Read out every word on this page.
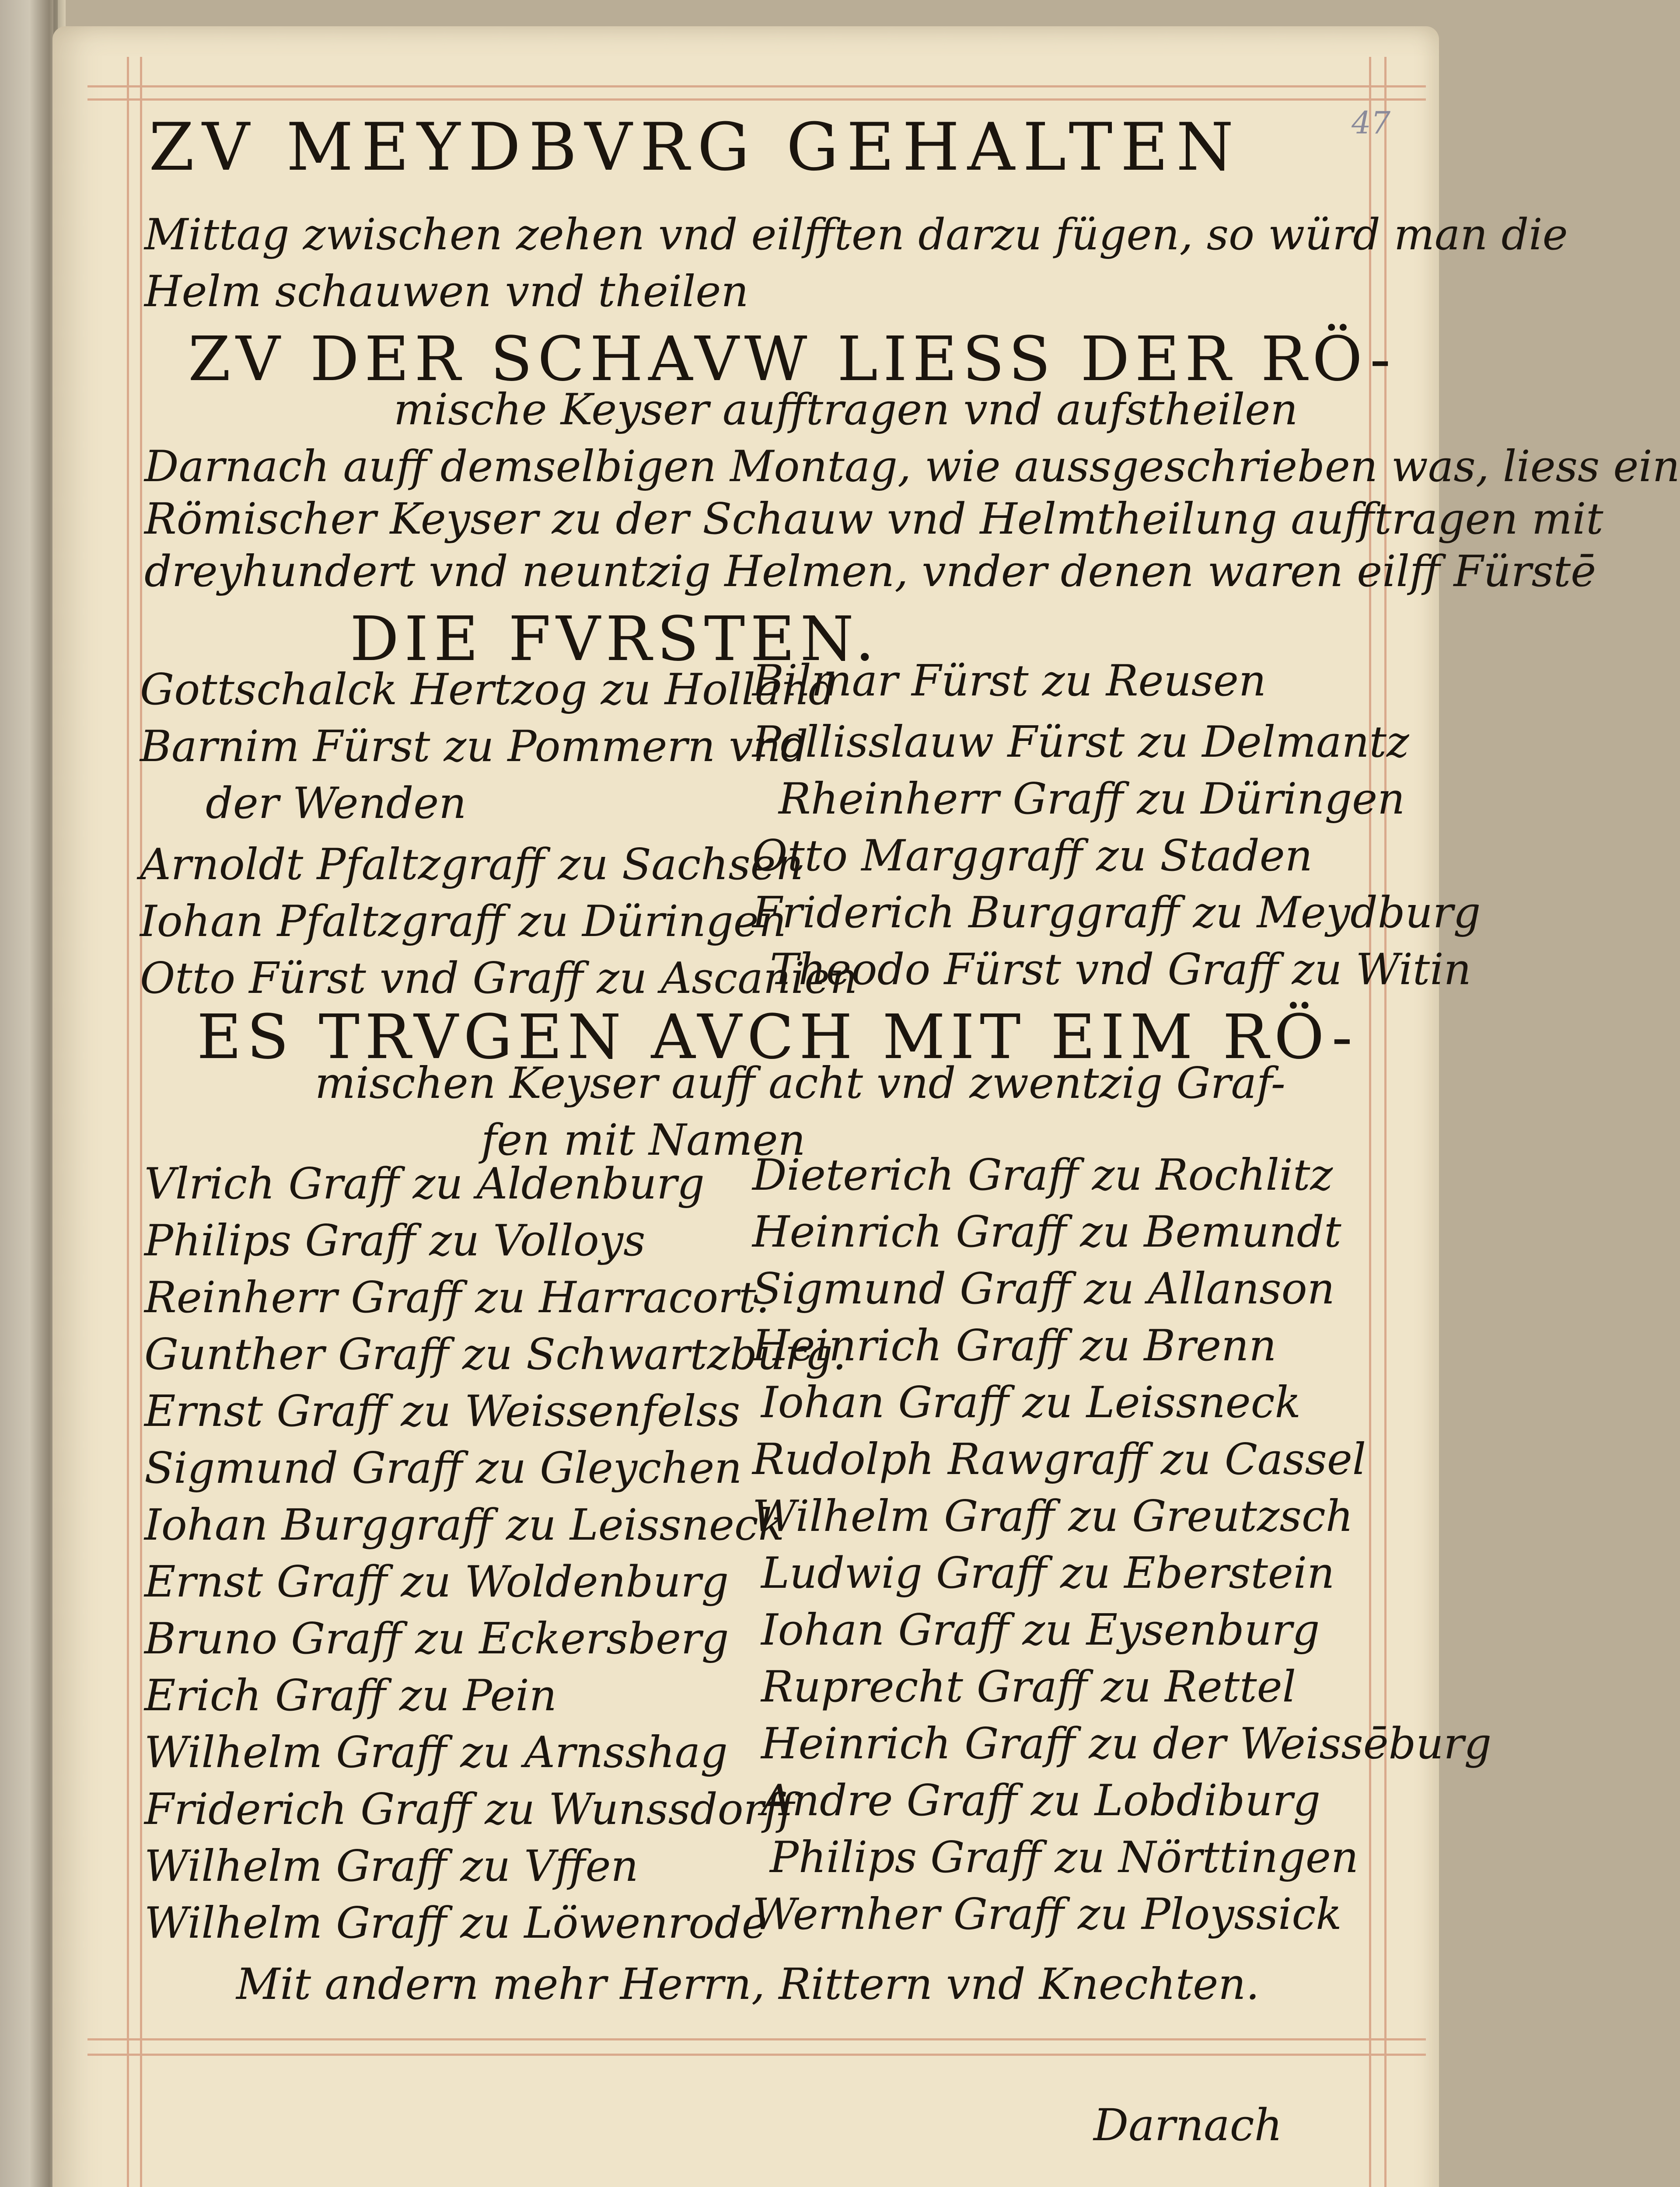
47
ZV MEYDBVRG GEHALTEN
Mittag zwischen zehen vnd eilfften darzu fügen, so würd man die
Helm schauwen vnd theilen
ZV DER SCHAVW LIESS DER RÖ-
mische Keyser aufftragen vnd aufstheilen
Darnach auff demselbigen Montag, wie aussgeschrieben was, liess ein
Römischer Keyser zu der Schauw vnd Helmtheilung aufftragen mit
dreyhundert vnd neuntzig Helmen, vnder denen waren eilff Fürstē
DIE FVRSTEN.
Gottschalck Hertzog zu Holland
Barnim Fürst zu Pommern vnd
der Wenden
Arnoldt Pfaltzgraff zu Sachsen
Iohan Pfaltzgraff zu Düringen
Otto Fürst vnd Graff zu Ascanien
Bilmar Fürst zu Reusen
Pollisslauw Fürst zu Delmantz
Rheinherr Graff zu Düringen
Otto Marggraff zu Staden
Friderich Burggraff zu Meydburg
Theodo Fürst vnd Graff zu Witin
ES TRVGEN AVCH MIT EIM RÖ-
mischen Keyser auff acht vnd zwentzig Graf-
fen mit Namen
Vlrich Graff zu Aldenburg
Philips Graff zu Volloys
Reinherr Graff zu Harracort.
Gunther Graff zu Schwartzburg.
Ernst Graff zu Weissenfelss
Sigmund Graff zu Gleychen
Iohan Burggraff zu Leissneck
Ernst Graff zu Woldenburg
Bruno Graff zu Eckersberg
Erich Graff zu Pein
Wilhelm Graff zu Arnsshag
Friderich Graff zu Wunssdorff
Wilhelm Graff zu Vffen
Wilhelm Graff zu Löwenrode
Dieterich Graff zu Rochlitz
Heinrich Graff zu Bemundt
Sigmund Graff zu Allanson
Heinrich Graff zu Brenn
Iohan Graff zu Leissneck
Rudolph Rawgraff zu Cassel
Wilhelm Graff zu Greutzsch
Ludwig Graff zu Eberstein
Iohan Graff zu Eysenburg
Ruprecht Graff zu Rettel
Heinrich Graff zu der Weissēburg
Andre Graff zu Lobdiburg
Philips Graff zu Nörttingen
Wernher Graff zu Ployssick
Mit andern mehr Herrn, Rittern vnd Knechten.
Darnach
